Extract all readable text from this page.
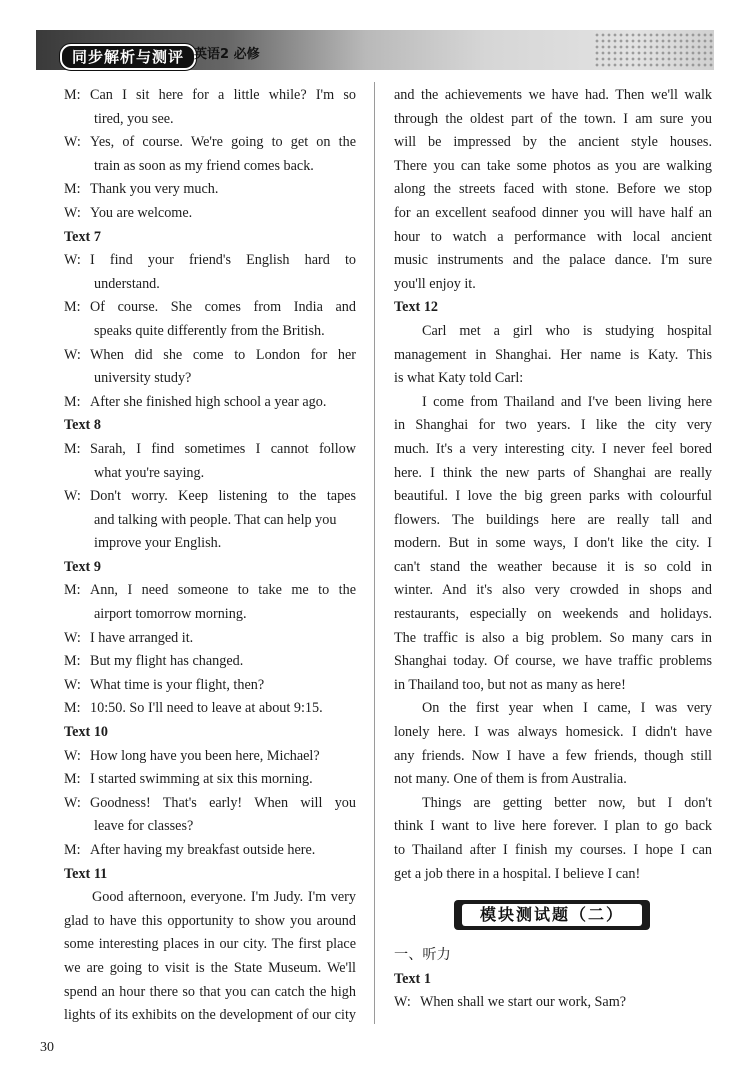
同步解析与测评 英语2 必修
M: Can I sit here for a little while? I'm so
tired, you see.
W: Yes, of course. We're going to get on the
train as soon as my friend comes back.
M: Thank you very much.
W: You are welcome.
Text 7
W: I find your friend's English hard to
understand.
M: Of course. She comes from India and
speaks quite differently from the British.
W: When did she come to London for her
university study?
M: After she finished high school a year ago.
Text 8
M: Sarah, I find sometimes I cannot follow
what you're saying.
W: Don't worry. Keep listening to the tapes
and talking with people. That can help you
improve your English.
Text 9
M: Ann, I need someone to take me to the
airport tomorrow morning.
W: I have arranged it.
M: But my flight has changed.
W: What time is your flight, then?
M: 10:50. So I'll need to leave at about 9:15.
Text 10
W: How long have you been here, Michael?
M: I started swimming at six this morning.
W: Goodness! That's early! When will you
leave for classes?
M: After having my breakfast outside here.
Text 11
Good afternoon, everyone. I'm Judy. I'm very
glad to have this opportunity to show you around
some interesting places in our city. The first place
we are going to visit is the State Museum. We'll
spend an hour there so that you can catch the high
lights of its exhibits on the development of our city
and the achievements we have had. Then we'll walk
through the oldest part of the town. I am sure you
will be impressed by the ancient style houses.
There you can take some photos as you are walking
along the streets faced with stone. Before we stop
for an excellent seafood dinner you will have half an
hour to watch a performance with local ancient
music instruments and the palace dance. I'm sure
you'll enjoy it.
Text 12
Carl met a girl who is studying hospital
management in Shanghai. Her name is Katy. This
is what Katy told Carl:
I come from Thailand and I've been living here
in Shanghai for two years. I like the city very
much. It's a very interesting city. I never feel bored
here. I think the new parts of Shanghai are really
beautiful. I love the big green parks with colourful
flowers. The buildings here are really tall and
modern. But in some ways, I don't like the city. I
can't stand the weather because it is so cold in
winter. And it's also very crowded in shops and
restaurants, especially on weekends and holidays.
The traffic is also a big problem. So many cars in
Shanghai today. Of course, we have traffic problems
in Thailand too, but not as many as here!
On the first year when I came, I was very
lonely here. I was always homesick. I didn't have
any friends. Now I have a few friends, though still
not many. One of them is from Australia.
Things are getting better now, but I don't
think I want to live here forever. I plan to go back
to Thailand after I finish my courses. I hope I can
get a job there in a hospital. I believe I can!
模块测试题（二）
一、听力
Text 1
W: When shall we start our work, Sam?
30
